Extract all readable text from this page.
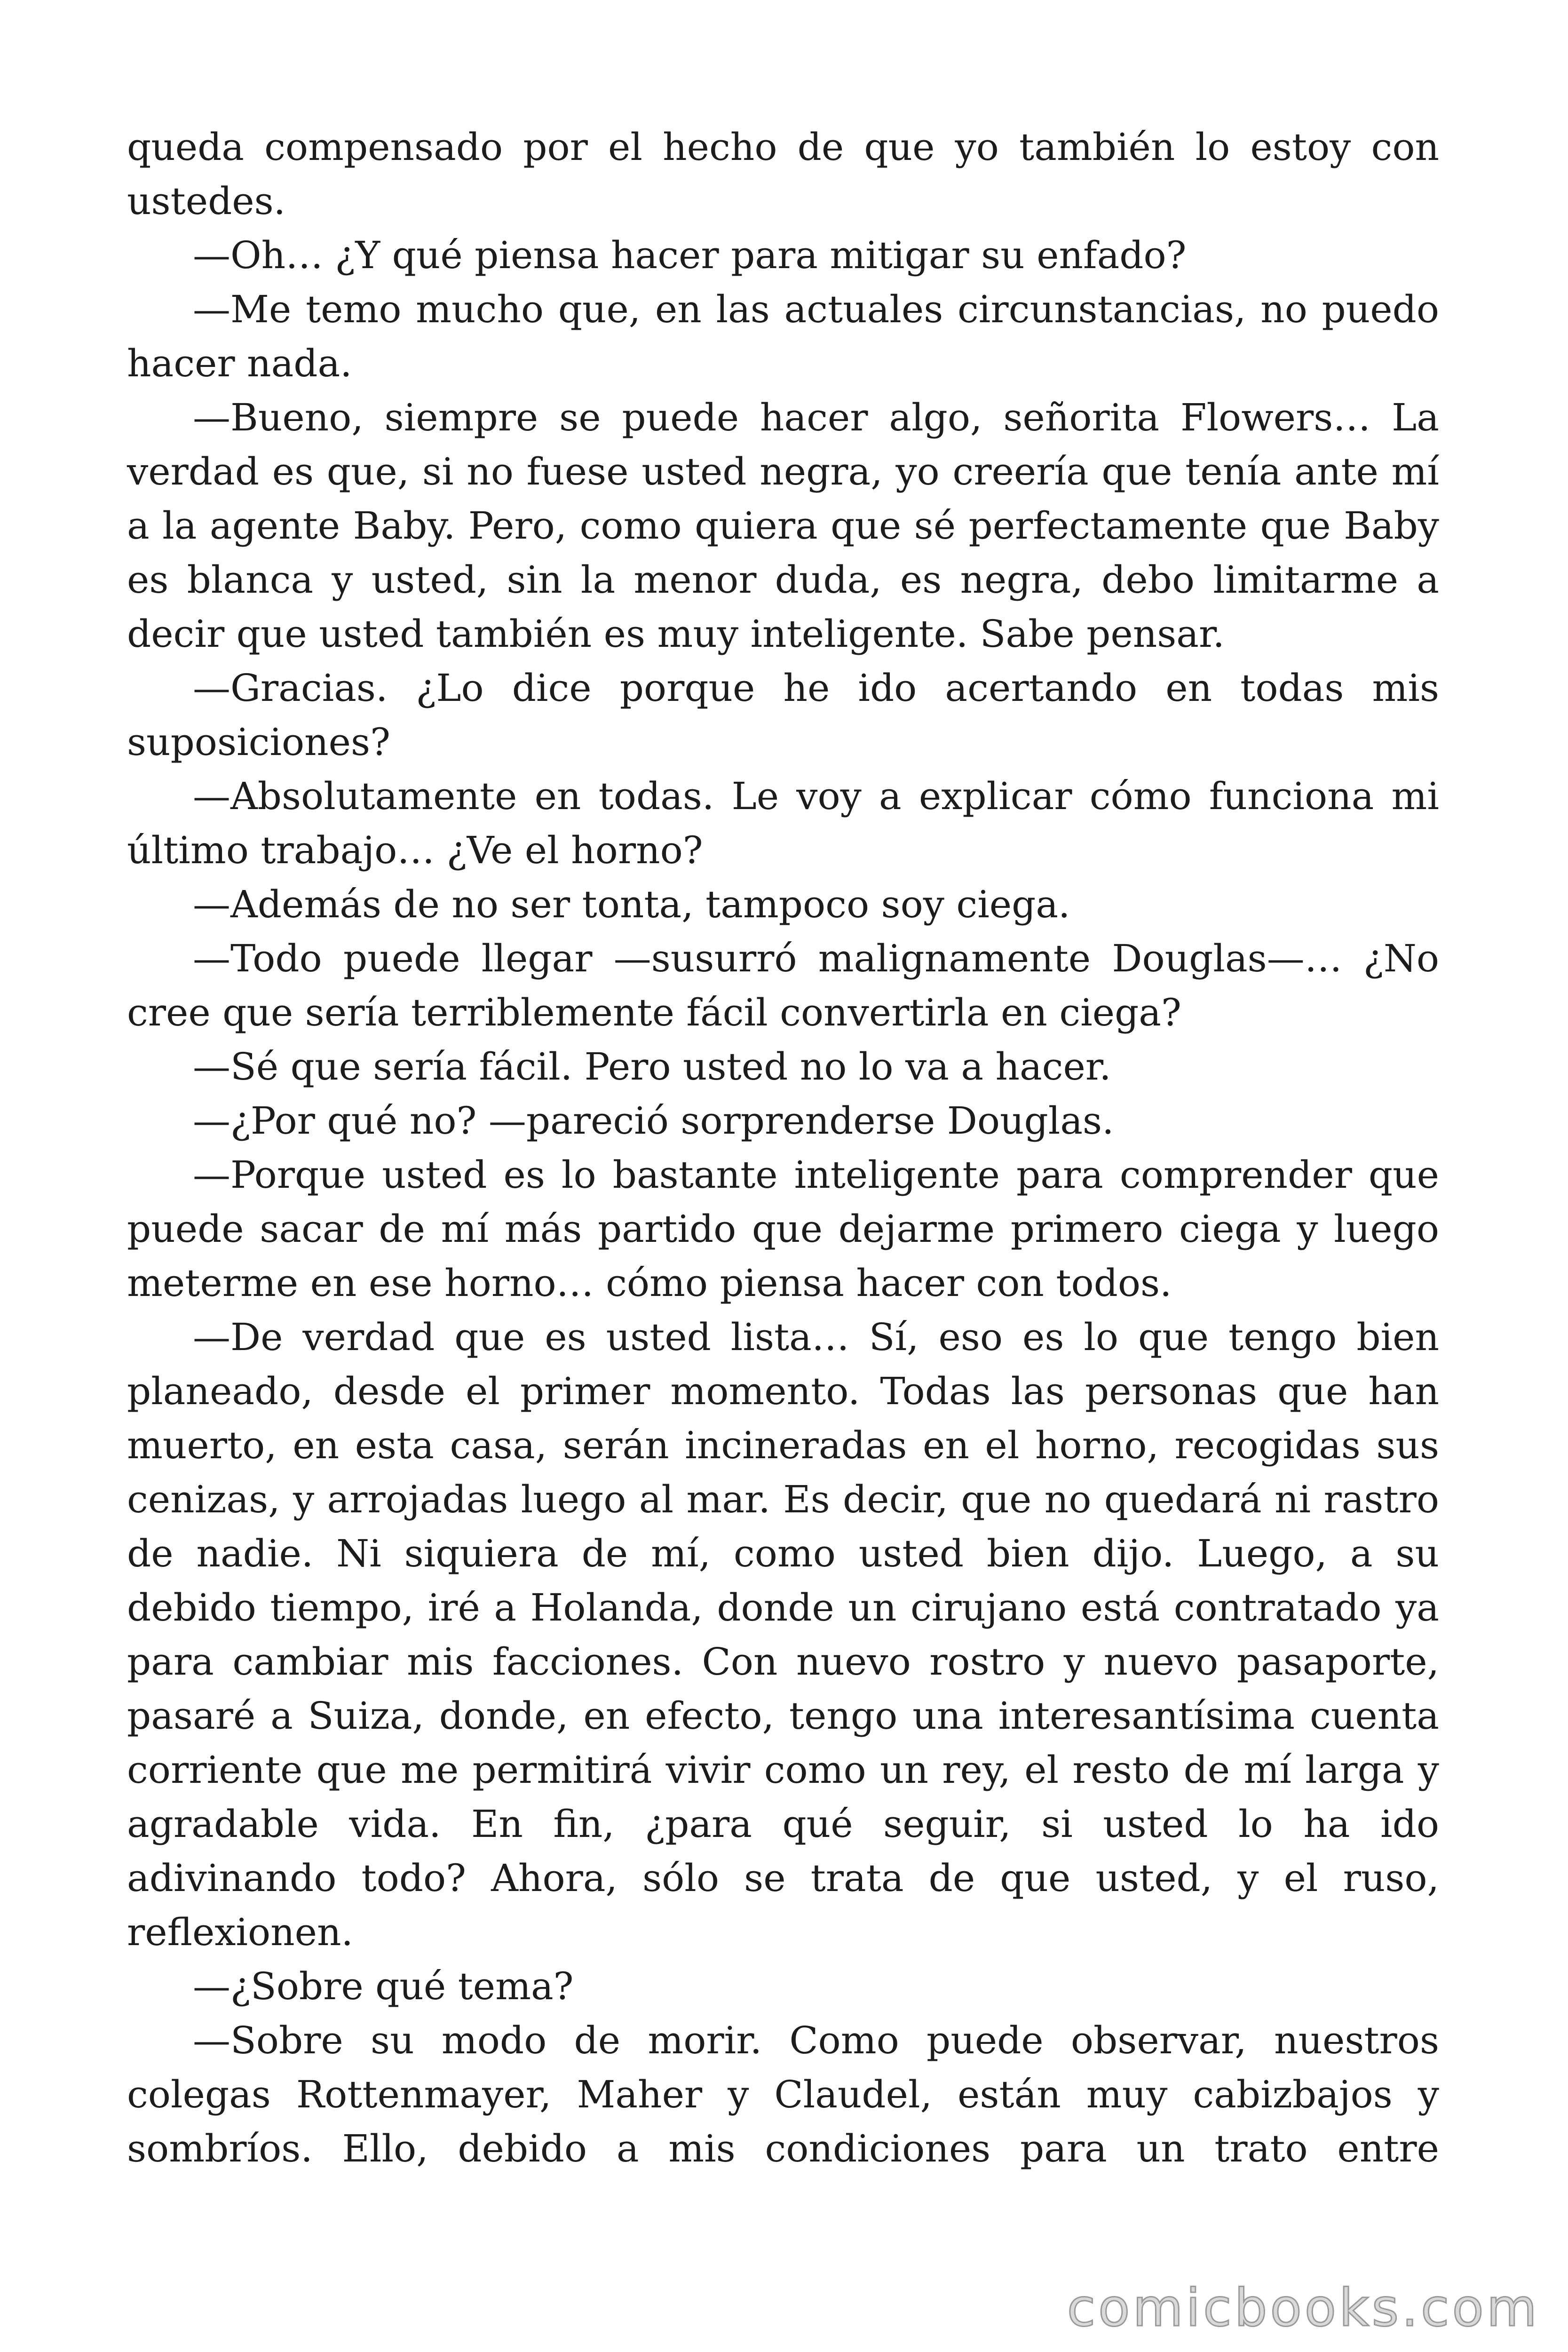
queda compensado por el hecho de que yo también lo estoy con ustedes.

—Oh… ¿Y qué piensa hacer para mitigar su enfado?

—Me temo mucho que, en las actuales circunstancias, no puedo hacer nada.

—Bueno, siempre se puede hacer algo, señorita Flowers… La verdad es que, si no fuese usted negra, yo creería que tenía ante mí a la agente Baby. Pero, como quiera que sé perfectamente que Baby es blanca y usted, sin la menor duda, es negra, debo limitarme a decir que usted también es muy inteligente. Sabe pensar.

—Gracias. ¿Lo dice porque he ido acertando en todas mis suposiciones?

—Absolutamente en todas. Le voy a explicar cómo funciona mi último trabajo… ¿Ve el horno?

—Además de no ser tonta, tampoco soy ciega.

—Todo puede llegar —susurró malignamente Douglas—… ¿No cree que sería terriblemente fácil convertirla en ciega?

—Sé que sería fácil. Pero usted no lo va a hacer.

—¿Por qué no? —pareció sorprenderse Douglas.

—Porque usted es lo bastante inteligente para comprender que puede sacar de mí más partido que dejarme primero ciega y luego meterme en ese horno… cómo piensa hacer con todos.

—De verdad que es usted lista… Sí, eso es lo que tengo bien planeado, desde el primer momento. Todas las personas que han muerto, en esta casa, serán incineradas en el horno, recogidas sus cenizas, y arrojadas luego al mar. Es decir, que no quedará ni rastro de nadie. Ni siquiera de mí, como usted bien dijo. Luego, a su debido tiempo, iré a Holanda, donde un cirujano está contratado ya para cambiar mis facciones. Con nuevo rostro y nuevo pasaporte, pasaré a Suiza, donde, en efecto, tengo una interesantísima cuenta corriente que me permitirá vivir como un rey, el resto de mí larga y agradable vida. En fin, ¿para qué seguir, si usted lo ha ido adivinando todo? Ahora, sólo se trata de que usted, y el ruso, reflexionen.

—¿Sobre qué tema?

—Sobre su modo de morir. Como puede observar, nuestros colegas Rottenmayer, Maher y Claudel, están muy cabizbajos y sombríos. Ello, debido a mis condiciones para un trato entre

comicbooks.com
